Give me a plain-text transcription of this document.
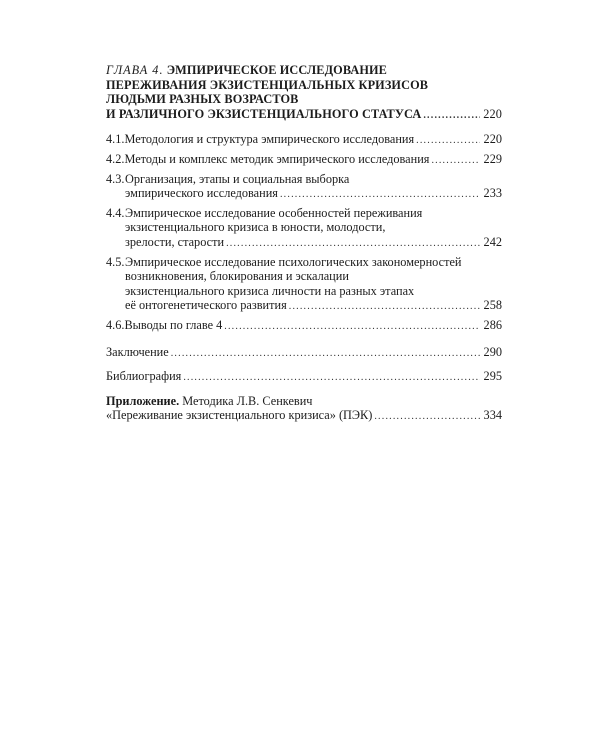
ГЛАВА 4. ЭМПИРИЧЕСКОЕ ИССЛЕДОВАНИЕ
ПЕРЕЖИВАНИЯ ЭКЗИСТЕНЦИАЛЬНЫХ КРИЗИСОВ
ЛЮДЬМИ РАЗНЫХ ВОЗРАСТОВ
И РАЗЛИЧНОГО ЭКЗИСТЕНЦИАЛЬНОГО СТАТУСА .....	220
4.1. Методология и структура эмпирического исследования .....	220
4.2. Методы и комплекс методик эмпирического исследования .....	229
4.3.Организация, этапы и социальная выборка
эмпирического исследования .....	233
4.4.Эмпирическое исследование особенностей переживания
экзистенциального кризиса в юности, молодости,
зрелости, старости .....	242
4.5.Эмпирическое исследование психологических закономерностей
возникновения, блокирования и эскалации
экзистенциального кризиса личности на разных этапах
её онтогенетического развития .....	258
4.6. Выводы по главе 4 .....	286
Заключение .....	290
Библиография .....	295
Приложение. Методика Л.В. Сенкевич
«Переживание экзистенциального кризиса» (ПЭК) .....	334
